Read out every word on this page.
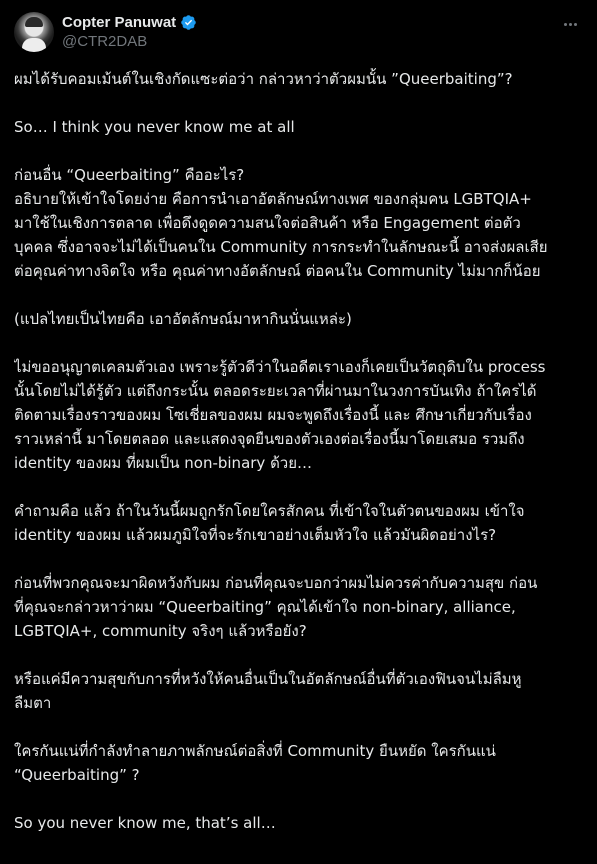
Copter Panuwat
@CTR2DAB
ผมได้รับคอมเม้นต์ในเชิงกัดแซะต่อว่า กล่าวหาว่าตัวผมนั้น ”Queerbaiting”?
So… I think you never know me at all
ก่อนอื่น “Queerbaiting” คืออะไร?
อธิบายให้เข้าใจโดยง่าย คือการนำเอาอัตลักษณ์ทางเพศ ของกลุ่มคน LGBTQIA+
มาใช้ในเชิงการตลาด เพื่อดึงดูดความสนใจต่อสินค้า หรือ Engagement ต่อตัว
บุคคล ซึ่งอาจจะไม่ได้เป็นคนใน Community การกระทำในลักษณะนี้ อาจส่งผลเสีย
ต่อคุณค่าทางจิตใจ หรือ คุณค่าทางอัตลักษณ์ ต่อคนใน Community ไม่มากก็น้อย
(แปลไทยเป็นไทยคือ เอาอัตลักษณ์มาหากินนั่นแหล่ะ)
ไม่ขออนุญาตเคลมตัวเอง เพราะรู้ตัวดีว่าในอดีตเราเองก็เคยเป็นวัตถุดิบใน process
นั้นโดยไม่ได้รู้ตัว แต่ถึงกระนั้น ตลอดระยะเวลาที่ผ่านมาในวงการบันเทิง ถ้าใครได้
ติดตามเรื่องราวของผม โซเชี่ยลของผม ผมจะพูดถึงเรื่องนี้ และ ศึกษาเกี่ยวกับเรื่อง
ราวเหล่านี้ มาโดยตลอด และแสดงจุดยืนของตัวเองต่อเรื่องนี้มาโดยเสมอ รวมถึง
identity ของผม ที่ผมเป็น non-binary ด้วย…
คำถามคือ แล้ว ถ้าในวันนี้ผมถูกรักโดยใครสักคน ที่เข้าใจในตัวตนของผม เข้าใจ
identity ของผม แล้วผมภูมิใจที่จะรักเขาอย่างเต็มหัวใจ แล้วมันผิดอย่างไร?
ก่อนที่พวกคุณจะมาผิดหวังกับผม ก่อนที่คุณจะบอกว่าผมไม่ควรค่ากับความสุข ก่อน
ที่คุณจะกล่าวหาว่าผม “Queerbaiting” คุณได้เข้าใจ non-binary, alliance,
LGBTQIA+, community จริงๆ แล้วหรือยัง?
หรือแค่มีความสุขกับการที่หวังให้คนอื่นเป็นในอัตลักษณ์อื่นที่ตัวเองฟินจนไม่ลืมหู
ลืมตา
ใครกันแน่ที่กำลังทำลายภาพลักษณ์ต่อสิ่งที่ Community ยืนหยัด ใครกันแน่
“Queerbaiting” ?
So you never know me, that’s all…
